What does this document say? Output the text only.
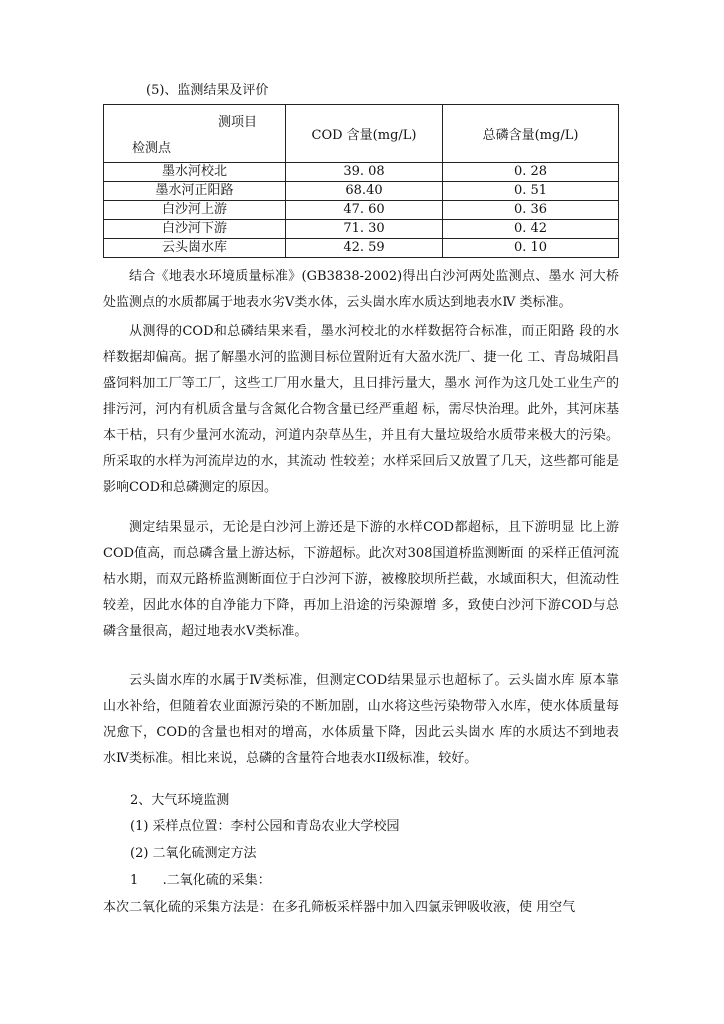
(5)、监测结果及评价
测项目
检测点	COD 含量(mg/L)	总磷含量(mg/L)
墨水河校北	39. 08	0. 28
墨水河正阳路	68.40	0. 51
白沙河上游	47. 60	0. 36
白沙河下游	71. 30	0. 42
云头崮水库	42. 59	0. 10

结合《地表水环境质量标准》(GB3838-2002)得出白沙河两处监测点、墨水 河大桥处监测点的水质都属于地表水劣Ⅴ类水体，云头崮水库水质达到地表水Ⅳ 类标准。

从测得的COD和总磷结果来看，墨水河校北的水样数据符合标准，而正阳路 段的水样数据却偏高。据了解墨水河的监测目标位置附近有大盈水洗厂、捷一化 工、青岛城阳昌盛饲料加工厂等工厂，这些工厂用水量大，且日排污量大，墨水 河作为这几处工业生产的排污河，河内有机质含量与含氮化合物含量已经严重超 标，需尽快治理。此外，其河床基本干枯，只有少量河水流动，河道内杂草丛生，并且有大量垃圾给水质带来极大的污染。所采取的水样为河流岸边的水，其流动 性较差；水样采回后又放置了几天，这些都可能是影响COD和总磷测定的原因。

测定结果显示，无论是白沙河上游还是下游的水样COD都超标，且下游明显 比上游COD值高，而总磷含量上游达标，下游超标。此次对308国道桥监测断面 的采样正值河流枯水期，而双元路桥监测断面位于白沙河下游，被橡胶坝所拦截，水域面积大，但流动性较差，因此水体的自净能力下降，再加上沿途的污染源增 多，致使白沙河下游COD与总磷含量很高，超过地表水Ⅴ类标准。

云头崮水库的水属于Ⅳ类标准，但测定COD结果显示也超标了。云头崮水库 原本靠山水补给，但随着农业面源污染的不断加剧，山水将这些污染物带入水库，使水体质量每况愈下，COD的含量也相对的增高，水体质量下降，因此云头崮水 库的水质达不到地表水Ⅳ类标准。相比来说，总磷的含量符合地表水II级标准，较好。

2、大气环境监测
(1) 采样点位置：李村公园和青岛农业大学校园
(2) 二氧化硫测定方法
1 .二氧化硫的采集：
本次二氧化硫的采集方法是：在多孔筛板采样器中加入四氯汞钾吸收液，使 用空气
